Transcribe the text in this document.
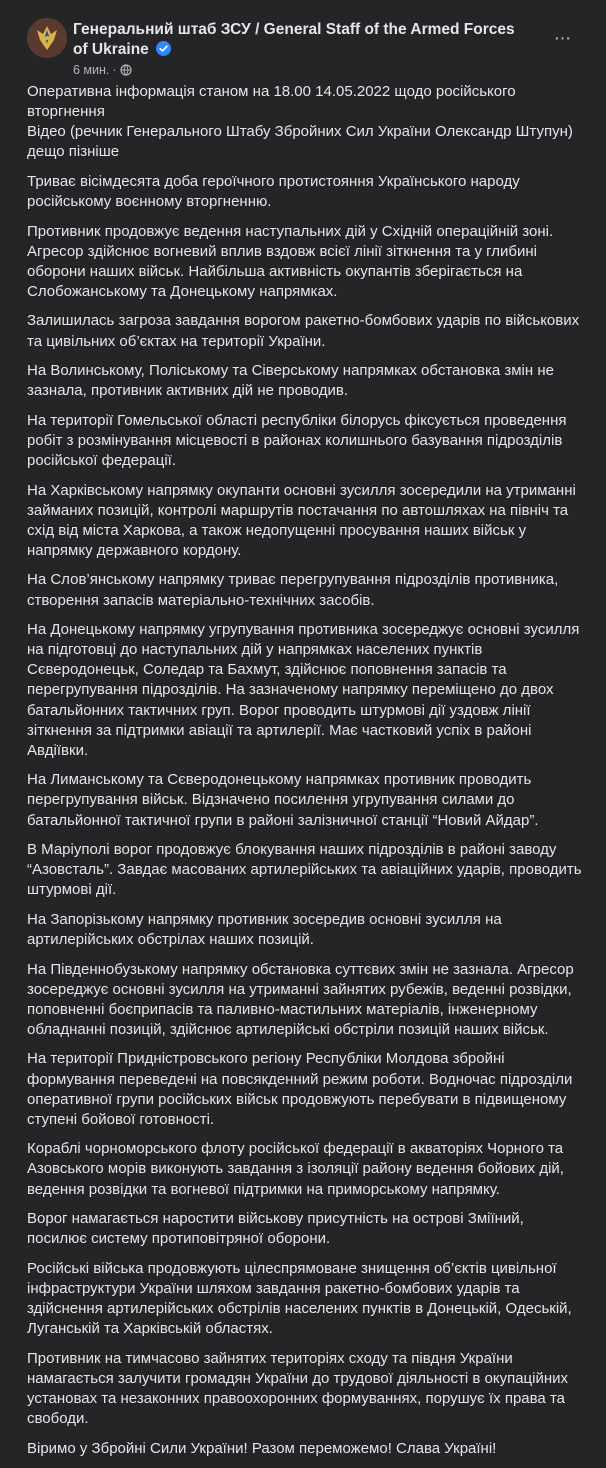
Генеральний штаб ЗСУ / General Staff of the Armed Forces of Ukraine
6 мин. ·
···

Оперативна інформація станом на 18.00 14.05.2022 щодо російського вторгнення
Відео (речник Генерального Штабу Збройних Сил України Олександр Штупун) дещо пізніше

Триває вісімдесята доба героїчного протистояння Українського народу російському воєнному вторгненню.

Противник продовжує ведення наступальних дій у Східній операційній зоні. Агресор здійснює вогневий вплив вздовж всієї лінії зіткнення та у глибині оборони наших військ. Найбільша активність окупантів зберігається на Слобожанському та Донецькому напрямках.

Залишилась загроза завдання ворогом ракетно-бомбових ударів по військових та цивільних об’єктах на території України.

На Волинському, Поліському та Сіверському напрямках обстановка змін не зазнала, противник активних дій не проводив.

На території Гомельської області республіки білорусь фіксується проведення робіт з розмінування місцевості в районах колишнього базування підрозділів російської федерації.

На Харківському напрямку окупанти основні зусилля зосередили на утриманні займаних позицій, контролі маршрутів постачання по автошляхах на північ та схід від міста Харкова, а також недопущенні просування наших військ у напрямку державного кордону.

На Слов’янському напрямку триває перегрупування підрозділів противника, створення запасів матеріально-технічних засобів.

На Донецькому напрямку угрупування противника зосереджує основні зусилля на підготовці до наступальних дій у напрямках населених пунктів Сєверодонецьк, Соледар та Бахмут, здійснює поповнення запасів та перегрупування підрозділів. На зазначеному напрямку переміщено до двох батальйонних тактичних груп. Ворог проводить штурмові дії уздовж лінії зіткнення за підтримки авіації та артилерії. Має частковий успіх в районі Авдіївки.

На Лиманському та Сєверодонецькому напрямках противник проводить перегрупування військ. Відзначено посилення угрупування силами до батальйонної тактичної групи в районі залізничної станції “Новий Айдар”.

В Маріуполі ворог продовжує блокування наших підрозділів в районі заводу “Азовсталь”. Завдає масованих артилерійських та авіаційних ударів, проводить штурмові дії.

На Запорізькому напрямку противник зосередив основні зусилля на артилерійських обстрілах наших позицій.

На Південнобузькому напрямку обстановка суттєвих змін не зазнала. Агресор зосереджує основні зусилля на утриманні зайнятих рубежів, веденні розвідки, поповненні боєприпасів та паливно-мастильних матеріалів, інженерному обладнанні позицій, здійснює артилерійські обстріли позицій наших військ.

На території Придністровського регіону Республіки Молдова збройні формування переведені на повсякденний режим роботи. Водночас підрозділи оперативної групи російських військ продовжують перебувати в підвищеному ступені бойової готовності.

Кораблі чорноморського флоту російської федерації в акваторіях Чорного та Азовського морів виконують завдання з ізоляції району ведення бойових дій, ведення розвідки та вогневої підтримки на приморському напрямку.

Ворог намагається наростити військову присутність на острові Зміїний, посилює систему протиповітряної оборони.

Російські війська продовжують цілеспрямоване знищення об’єктів цивільної інфраструктури України шляхом завдання ракетно-бомбових ударів та здійснення артилерійських обстрілів населених пунктів в Донецькій, Одеській, Луганській та Харківській областях.

Противник на тимчасово зайнятих територіях сходу та півдня України намагається залучити громадян України до трудової діяльності в окупаційних установах та незаконних правоохоронних формуваннях, порушує їх права та свободи.

Віримо у Збройні Сили України! Разом переможемо! Слава Україні!
